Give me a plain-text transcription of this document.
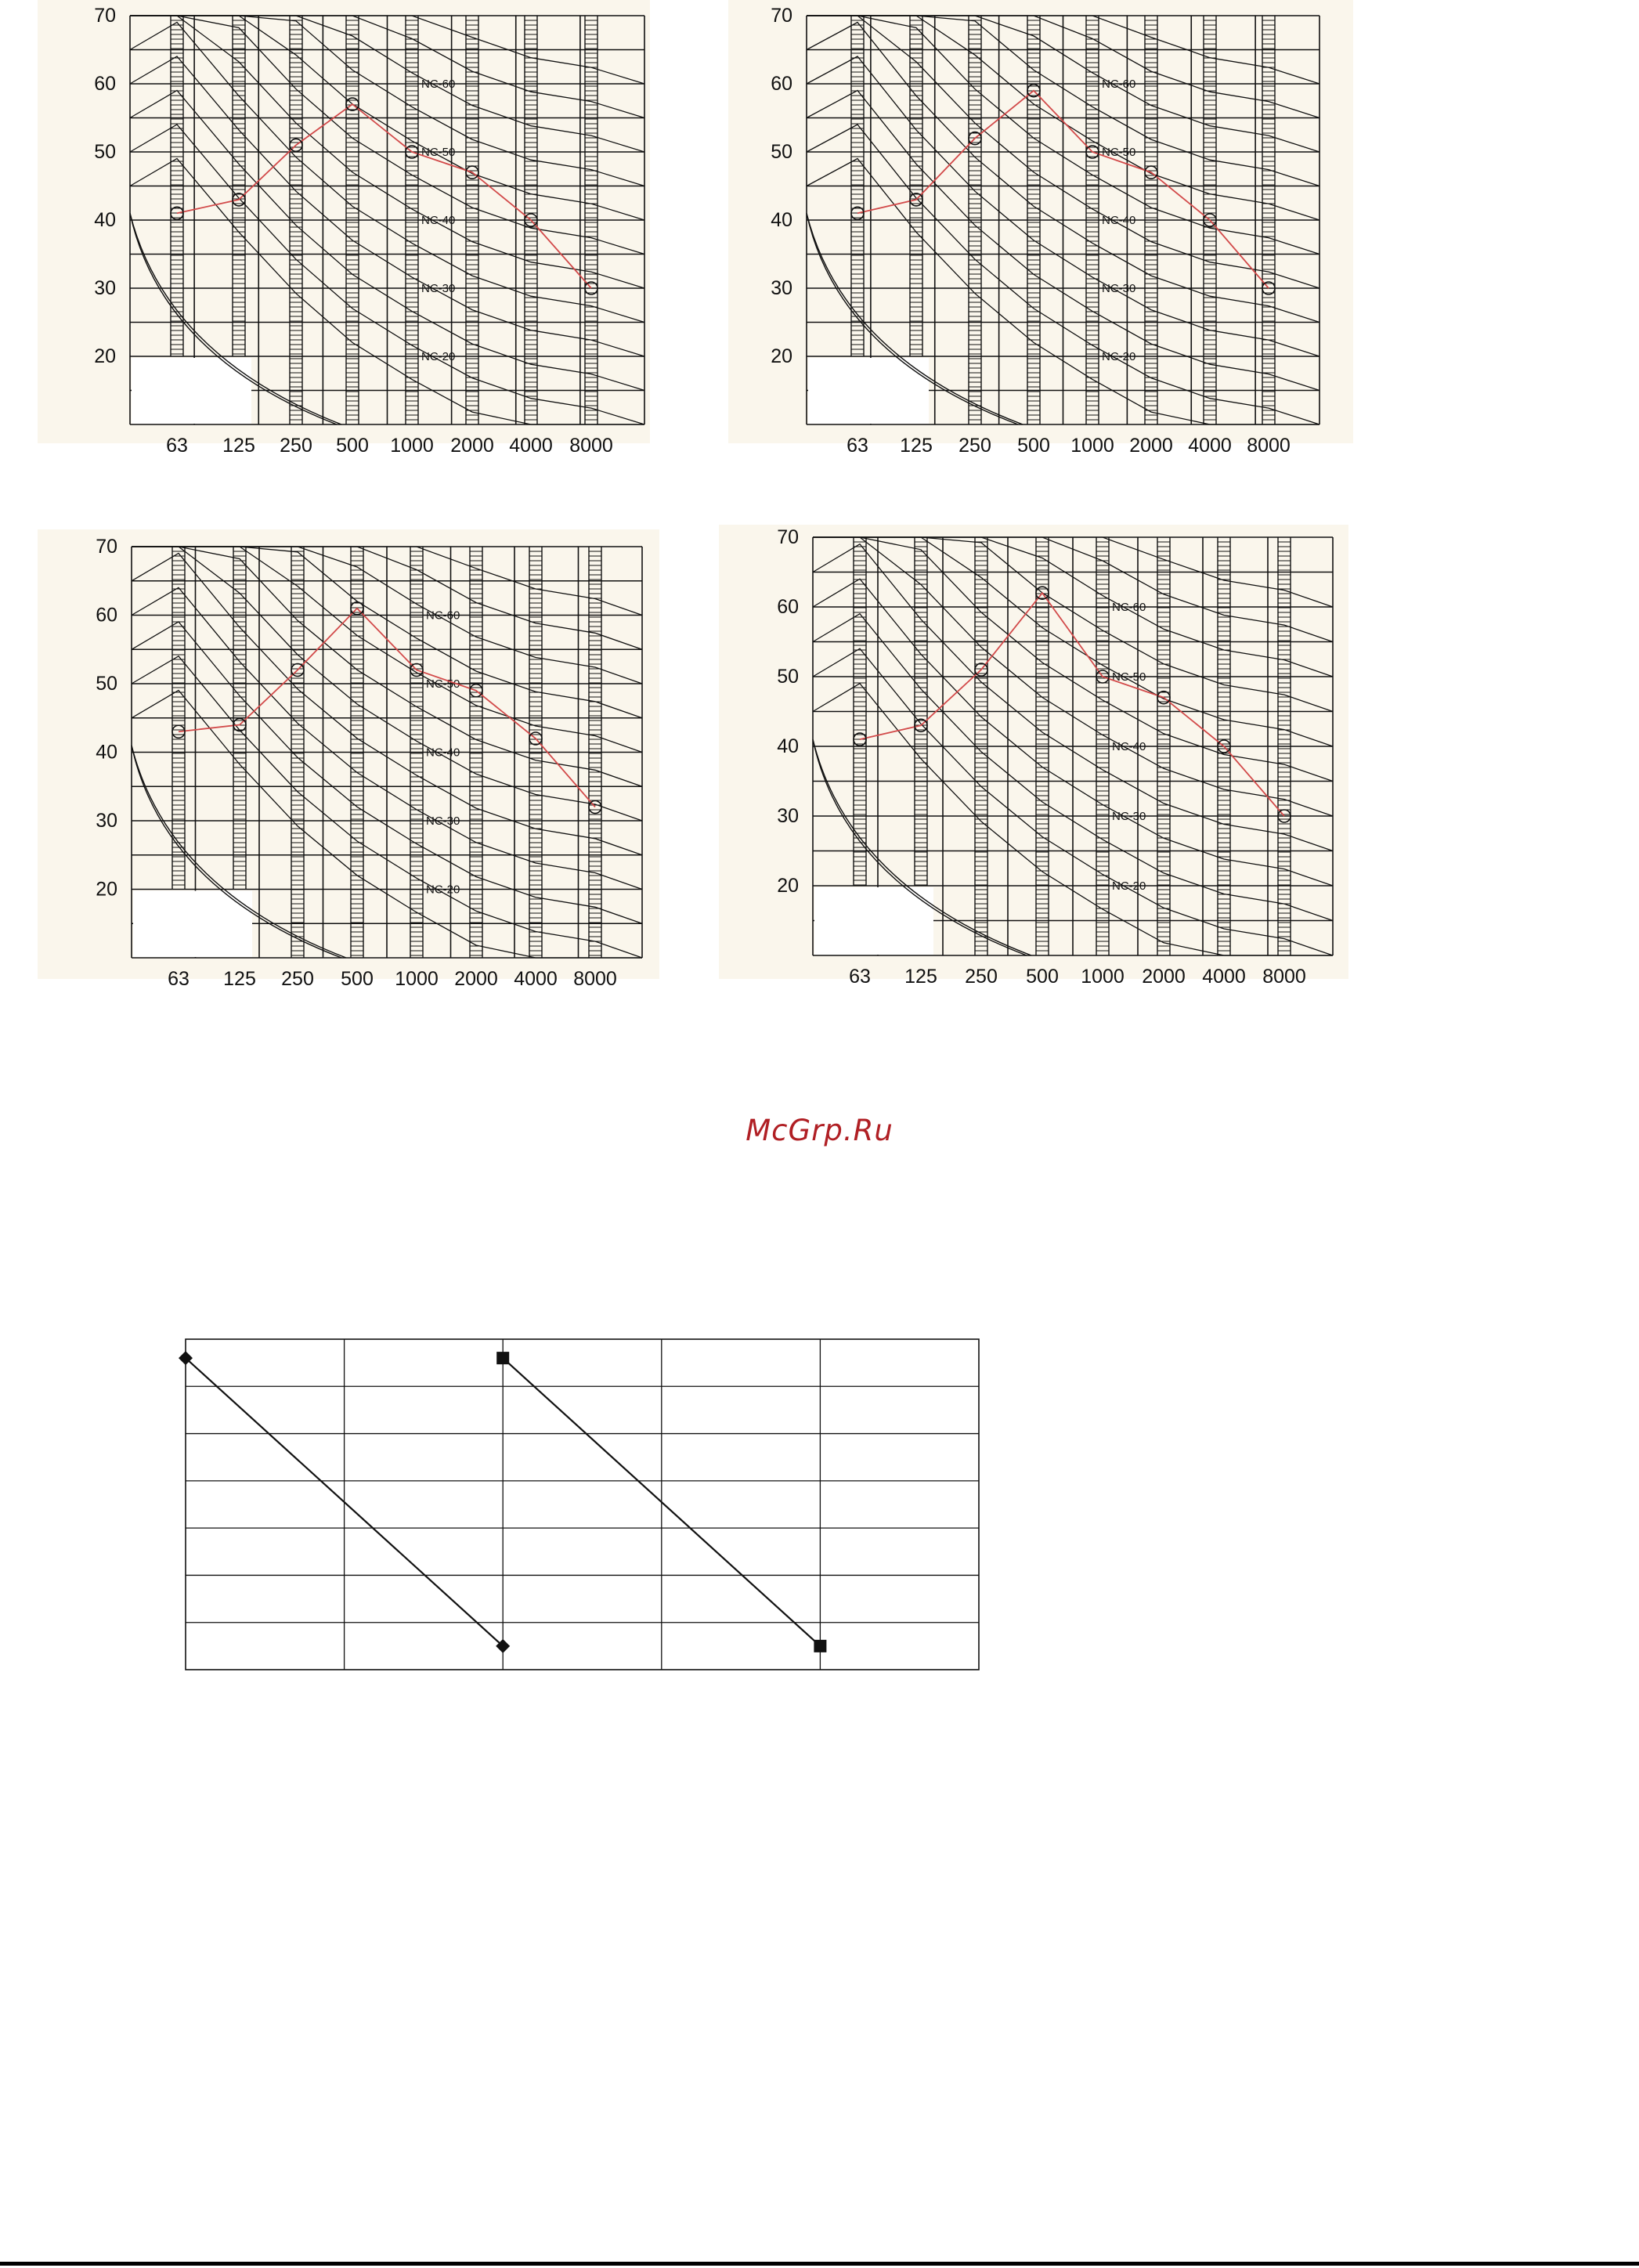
NC-60
NC-50
NC-40
NC-30
NC-20
20
30
40
50
60
70
63 125 250 500 1000 2000 4000 8000
NC-60
NC-50
NC-40
NC-30
NC-20
20
30
40
50
60
70
63 125 250 500 1000 2000 4000 8000
NC-60
NC-50
NC-40
NC-30
NC-20
20
30
40
50
60
70
63 125 250 500 1000 2000 4000 8000
NC-60
NC-50
NC-40
NC-30
NC-20
20
30
40
50
60
70
63 125 250 500 1000 2000 4000 8000
McGrp.Ru
